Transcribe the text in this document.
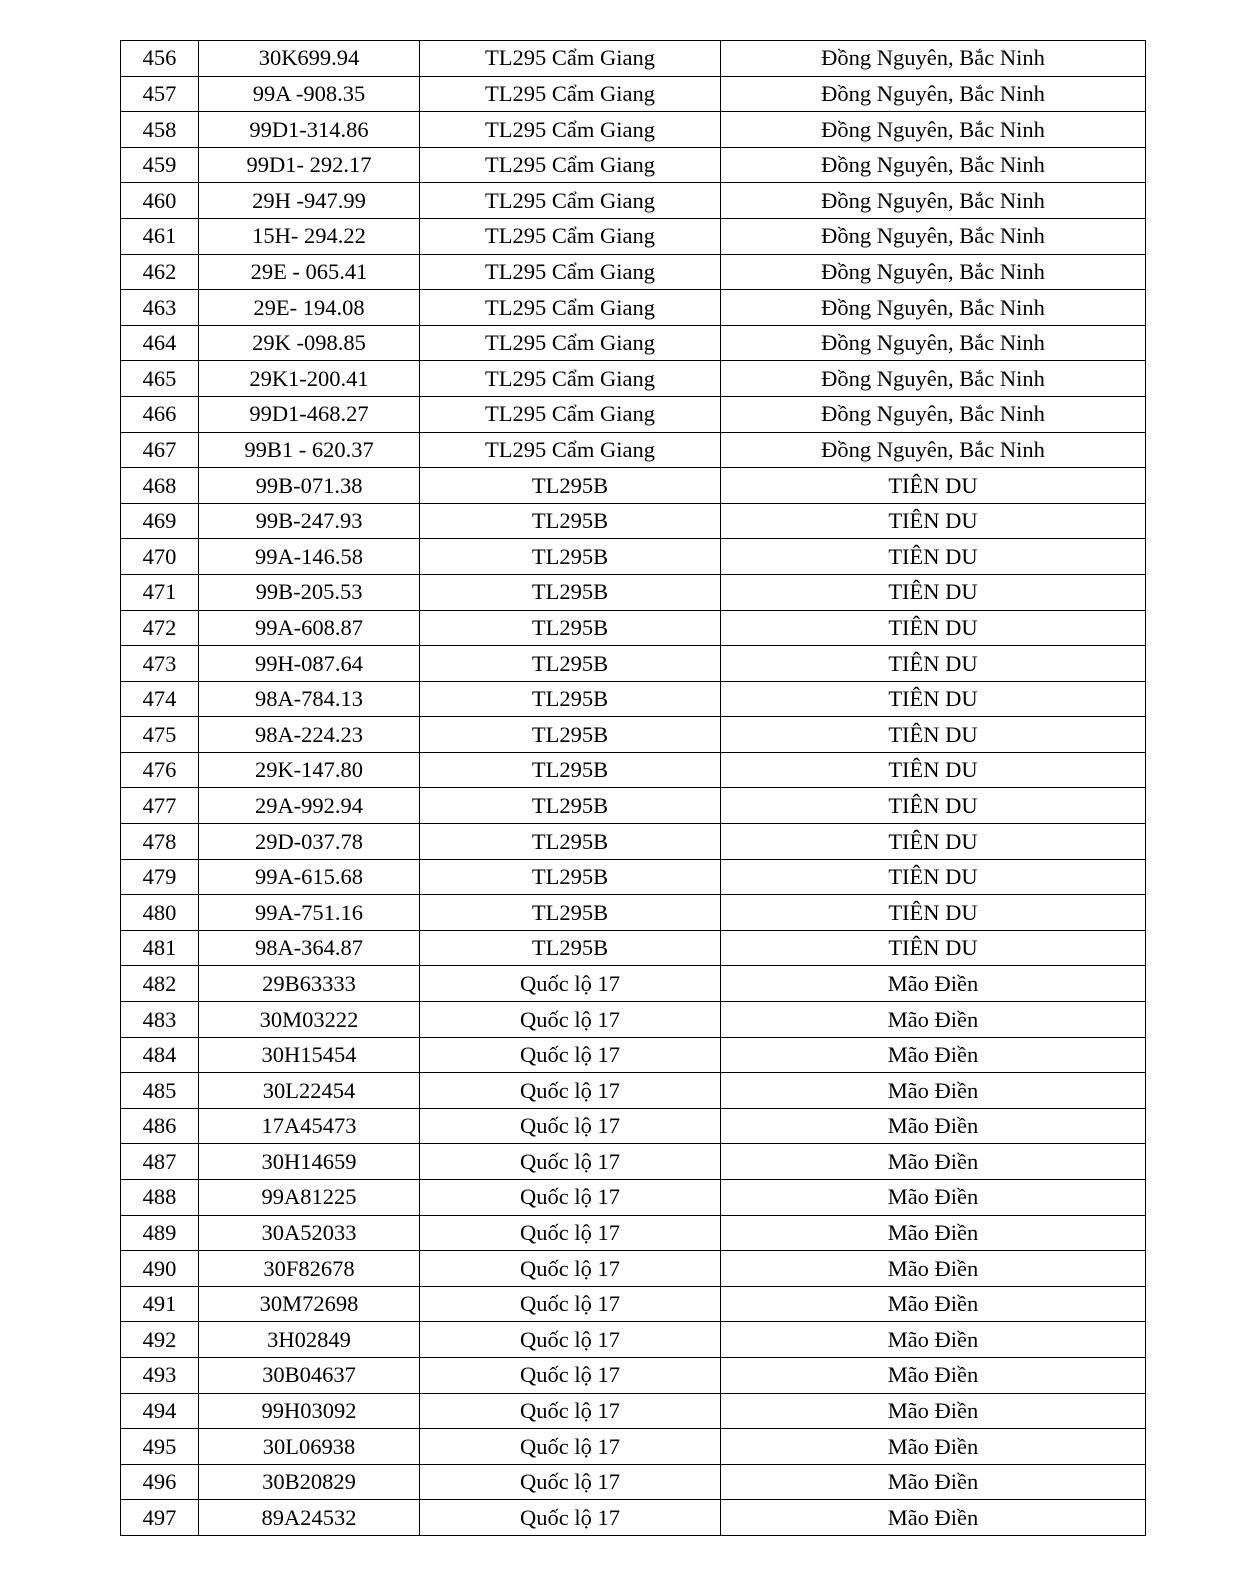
456	30K699.94	TL295 Cẩm Giang	Đồng Nguyên, Bắc Ninh
457	99A -908.35	TL295 Cẩm Giang	Đồng Nguyên, Bắc Ninh
458	99D1-314.86	TL295 Cẩm Giang	Đồng Nguyên, Bắc Ninh
459	99D1- 292.17	TL295 Cẩm Giang	Đồng Nguyên, Bắc Ninh
460	29H -947.99	TL295 Cẩm Giang	Đồng Nguyên, Bắc Ninh
461	15H- 294.22	TL295 Cẩm Giang	Đồng Nguyên, Bắc Ninh
462	29E - 065.41	TL295 Cẩm Giang	Đồng Nguyên, Bắc Ninh
463	29E- 194.08	TL295 Cẩm Giang	Đồng Nguyên, Bắc Ninh
464	29K -098.85	TL295 Cẩm Giang	Đồng Nguyên, Bắc Ninh
465	29K1-200.41	TL295 Cẩm Giang	Đồng Nguyên, Bắc Ninh
466	99D1-468.27	TL295 Cẩm Giang	Đồng Nguyên, Bắc Ninh
467	99B1 - 620.37	TL295 Cẩm Giang	Đồng Nguyên, Bắc Ninh
468	99B-071.38	TL295B	TIÊN DU
469	99B-247.93	TL295B	TIÊN DU
470	99A-146.58	TL295B	TIÊN DU
471	99B-205.53	TL295B	TIÊN DU
472	99A-608.87	TL295B	TIÊN DU
473	99H-087.64	TL295B	TIÊN DU
474	98A-784.13	TL295B	TIÊN DU
475	98A-224.23	TL295B	TIÊN DU
476	29K-147.80	TL295B	TIÊN DU
477	29A-992.94	TL295B	TIÊN DU
478	29D-037.78	TL295B	TIÊN DU
479	99A-615.68	TL295B	TIÊN DU
480	99A-751.16	TL295B	TIÊN DU
481	98A-364.87	TL295B	TIÊN DU
482	29B63333	Quốc lộ 17	Mão Điền
483	30M03222	Quốc lộ 17	Mão Điền
484	30H15454	Quốc lộ 17	Mão Điền
485	30L22454	Quốc lộ 17	Mão Điền
486	17A45473	Quốc lộ 17	Mão Điền
487	30H14659	Quốc lộ 17	Mão Điền
488	99A81225	Quốc lộ 17	Mão Điền
489	30A52033	Quốc lộ 17	Mão Điền
490	30F82678	Quốc lộ 17	Mão Điền
491	30M72698	Quốc lộ 17	Mão Điền
492	3H02849	Quốc lộ 17	Mão Điền
493	30B04637	Quốc lộ 17	Mão Điền
494	99H03092	Quốc lộ 17	Mão Điền
495	30L06938	Quốc lộ 17	Mão Điền
496	30B20829	Quốc lộ 17	Mão Điền
497	89A24532	Quốc lộ 17	Mão Điền
